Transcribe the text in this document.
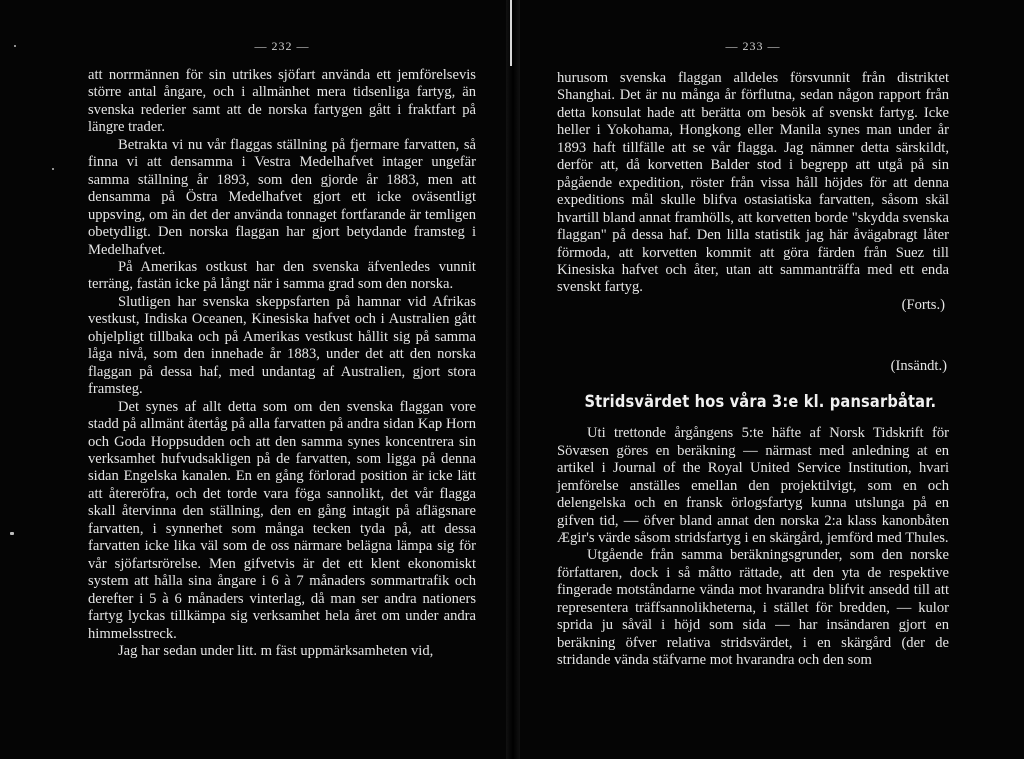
— 232 —

att norrmännen för sin utrikes sjöfart använda ett jemförelsevis större antal ångare, och i allmänhet mera tidsenliga fartyg, än svenska rederier samt att de norska fartygen gått i fraktfart på längre trader.

Betrakta vi nu vår flaggas ställning på fjermare farvatten, så finna vi att densamma i Vestra Medelhafvet intager ungefär samma ställning år 1893, som den gjorde år 1883, men att densamma på Östra Medelhafvet gjort ett icke oväsentligt uppsving, om än det der använda tonnaget fortfarande är temligen obetydligt. Den norska flaggan har gjort betydande framsteg i Medelhafvet.

På Amerikas ostkust har den svenska äfvenledes vunnit terräng, fastän icke på långt när i samma grad som den norska.

Slutligen har svenska skeppsfarten på hamnar vid Afrikas vestkust, Indiska Oceanen, Kinesiska hafvet och i Australien gått ohjelpligt tillbaka och på Amerikas vestkust hållit sig på samma låga nivå, som den innehade år 1883, under det att den norska flaggan på dessa haf, med undantag af Australien, gjort stora framsteg.

Det synes af allt detta som om den svenska flaggan vore stadd på allmänt återtåg på alla farvatten på andra sidan Kap Horn och Goda Hoppsudden och att den samma synes koncentrera sin verksamhet hufvudsakligen på de farvatten, som ligga på denna sidan Engelska kanalen. En en gång förlorad position är icke lätt att återeröfra, och det torde vara föga sannolikt, det vår flagga skall återvinna den ställning, den en gång intagit på aflägsnare farvatten, i synnerhet som många tecken tyda på, att dessa farvatten icke lika väl som de oss närmare belägna lämpa sig för vår sjöfartsrörelse. Men gifvetvis är det ett klent ekonomiskt system att hålla sina ångare i 6 à 7 månaders sommartrafik och derefter i 5 à 6 månaders vinterlag, då man ser andra nationers fartyg lyckas tillkämpa sig verksamhet hela året om under andra himmelsstreck.

Jag har sedan under litt. m fäst uppmärksamheten vid,

— 233 —

hurusom svenska flaggan alldeles försvunnit från distriktet Shanghai. Det är nu många år förflutna, sedan någon rapport från detta konsulat hade att berätta om besök af svenskt fartyg. Icke heller i Yokohama, Hongkong eller Manila synes man under år 1893 haft tillfälle att se vår flagga. Jag nämner detta särskildt, derför att, då korvetten Balder stod i begrepp att utgå på sin pågående expedition, röster från vissa håll höjdes för att denna expeditions mål skulle blifva ostasiatiska farvatten, såsom skäl hvartill bland annat framhölls, att korvetten borde "skydda svenska flaggan" på dessa haf. Den lilla statistik jag här åvägabragt låter förmoda, att korvetten kommit att göra färden från Suez till Kinesiska hafvet och åter, utan att sammanträffa med ett enda svenskt fartyg.

(Forts.)

(Insändt.)

Stridsvärdet hos våra 3:e kl. pansarbåtar.

Uti trettonde årgångens 5:te häfte af Norsk Tidskrift för Sövæsen göres en beräkning — närmast med anledning at en artikel i Journal of the Royal United Service Institution, hvari jemförelse anställes emellan den projektilvigt, som en och delengelska och en fransk örlogsfartyg kunna utslunga på en gifven tid, — öfver bland annat den norska 2:a klass kanonbåten Ægir's värde såsom stridsfartyg i en skärgård, jemförd med Thules.

Utgående från samma beräkningsgrunder, som den norske författaren, dock i så måtto rättade, att den yta de respektive fingerade motståndarne vända mot hvarandra blifvit ansedd till att representera träffsannolikheterna, i stället för bredden, — kulor sprida ju såväl i höjd som sida — har insändaren gjort en beräkning öfver relativa stridsvärdet, i en skärgård (der de stridande vända stäfvarne mot hvarandra och den som
